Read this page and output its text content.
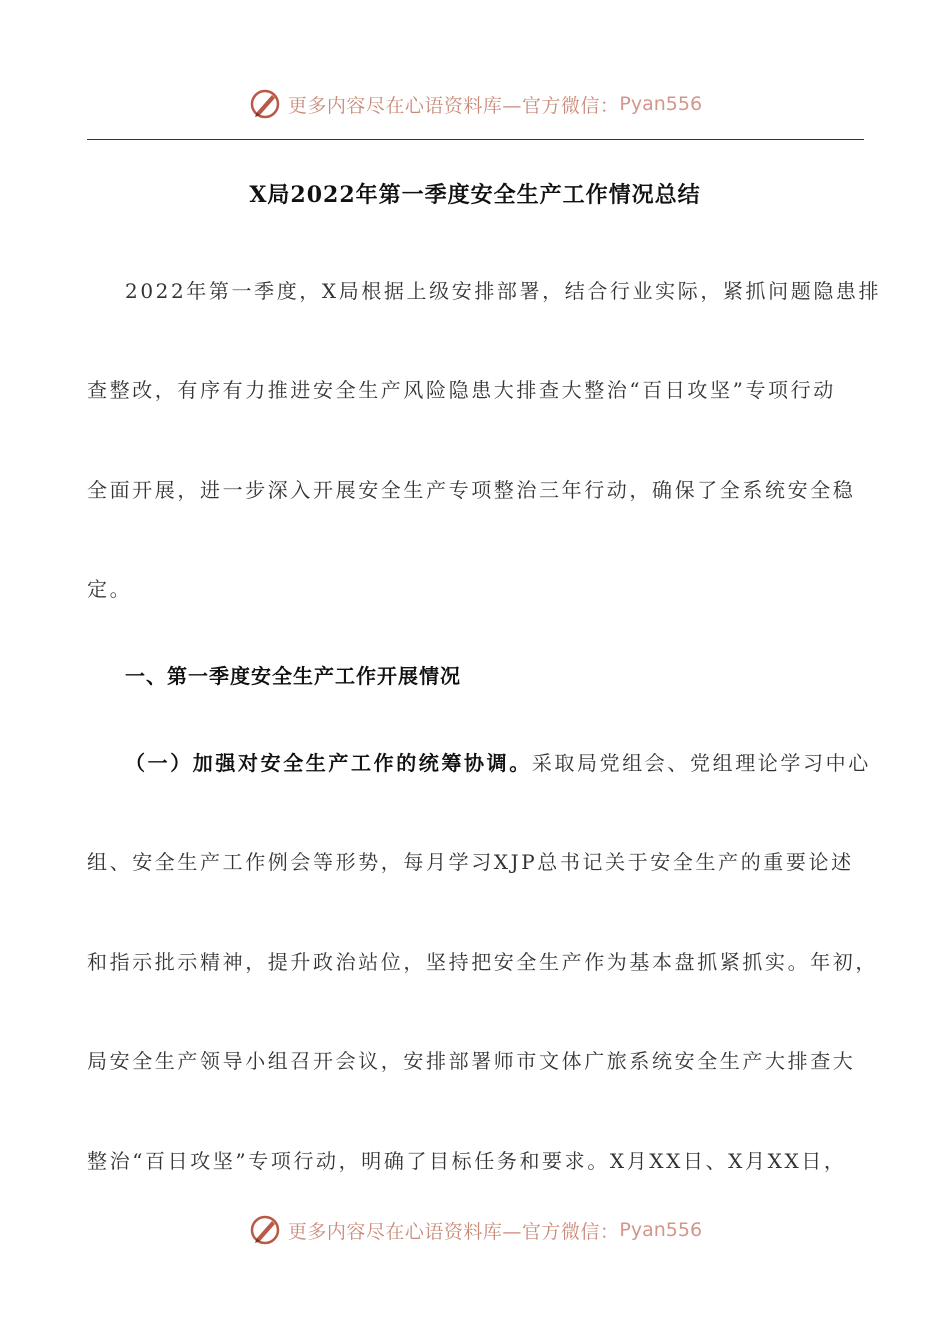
更多内容尽在心语资料库—官方微信： Pyan556
X局2022年第一季度安全生产工作情况总结
2022年第一季度，X局根据上级安排部署，结合行业实际，紧抓问题隐患排
查整改，有序有力推进安全生产风险隐患大排查大整治“百日攻坚”专项行动
全面开展，进一步深入开展安全生产专项整治三年行动，确保了全系统安全稳
定。
一、第一季度安全生产工作开展情况
（一）加强对安全生产工作的统筹协调。采取局党组会、党组理论学习中心
组、安全生产工作例会等形势，每月学习XJP总书记关于安全生产的重要论述
和指示批示精神，提升政治站位，坚持把安全生产作为基本盘抓紧抓实。年初，
局安全生产领导小组召开会议，安排部署师市文体广旅系统安全生产大排查大
整治“百日攻坚”专项行动，明确了目标任务和要求。X月XX日、X月XX日，
更多内容尽在心语资料库—官方微信： Pyan556
